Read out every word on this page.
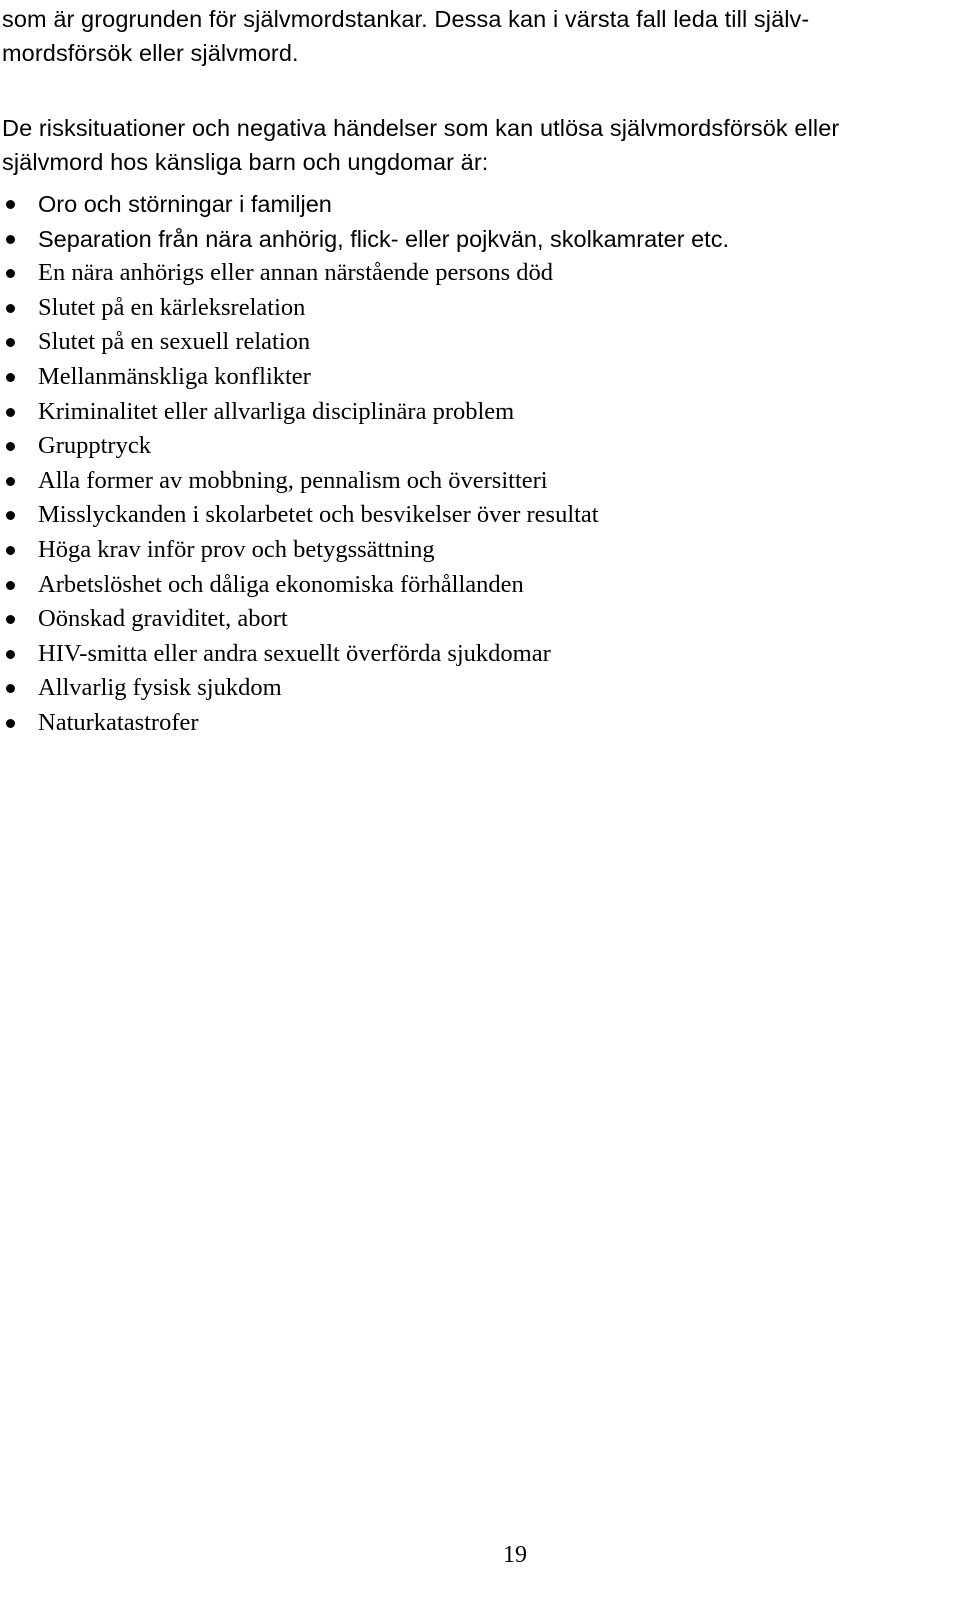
som är grogrunden för självmordstankar. Dessa kan i värsta fall leda till själv-
mordsförsök eller självmord.

De risksituationer och negativa händelser som kan utlösa självmordsförsök eller
självmord hos känsliga barn och ungdomar är:

Oro och störningar i familjen
Separation från nära anhörig, flick- eller pojkvän, skolkamrater etc.
En nära anhörigs eller annan närstående persons död
Slutet på en kärleksrelation
Slutet på en sexuell relation
Mellanmänskliga konflikter
Kriminalitet eller allvarliga disciplinära problem
Grupptryck
Alla former av mobbning, pennalism och översitteri
Misslyckanden i skolarbetet och besvikelser över resultat
Höga krav inför prov och betygssättning
Arbetslöshet och dåliga ekonomiska förhållanden
Oönskad graviditet, abort
HIV-smitta eller andra sexuellt överförda sjukdomar
Allvarlig fysisk sjukdom
Naturkatastrofer
19
